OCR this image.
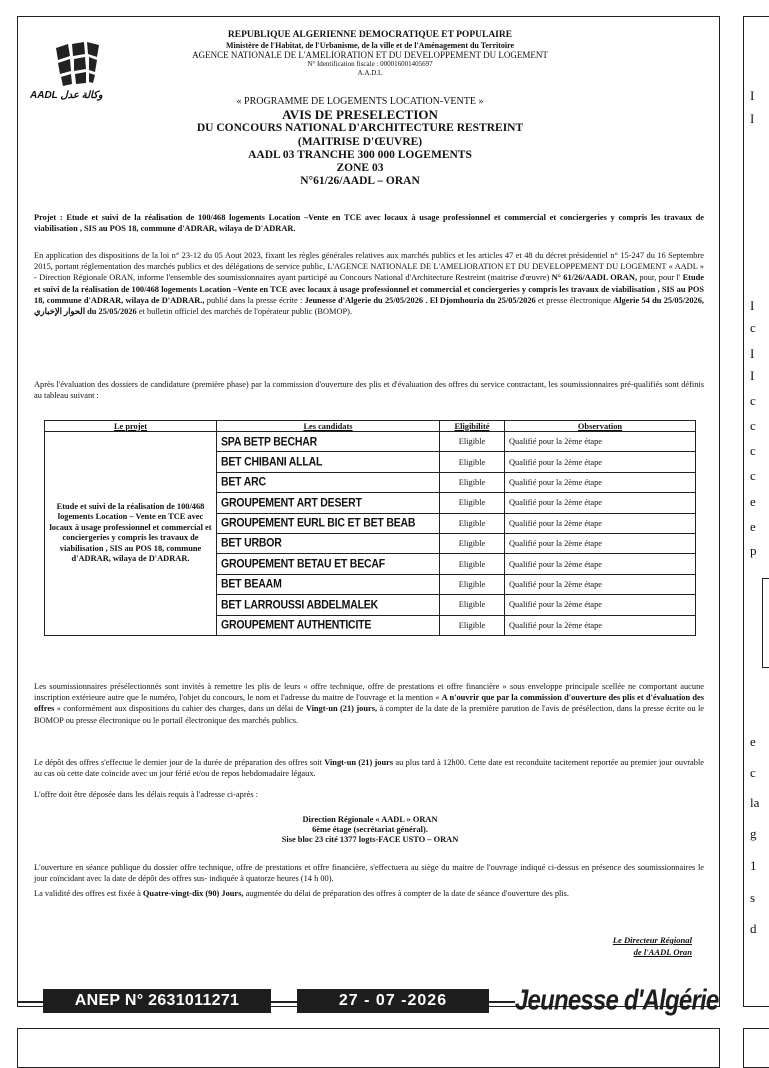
AADL وكالة عدل
REPUBLIQUE ALGERIENNE DEMOCRATIQUE ET POPULAIRE
Ministère de l'Habitat, de l'Urbanisme, de la ville et de l'Aménagement du Territoire
AGENCE NATIONALE DE L'AMELIORATION ET DU DEVELOPPEMENT DU LOGEMENT
N° Identification fiscale : 000016001405697
A.A.D.L
« PROGRAMME DE LOGEMENTS LOCATION-VENTE »
AVIS DE PRESELECTION
DU CONCOURS NATIONAL D'ARCHITECTURE RESTREINT
(MAITRISE D'ŒUVRE)
AADL 03 TRANCHE 300 000 LOGEMENTS
ZONE 03
N°61/26/AADL – ORAN
Projet : Etude et suivi de la réalisation de 100/468 logements Location –Vente en TCE avec locaux à usage professionnel et commercial et conciergeries y compris les travaux de viabilisation , SIS au POS 18, commune d'ADRAR, wilaya de D'ADRAR.
En application des dispositions de la loi n° 23-12 du 05 Aout 2023, fixant les règles générales relatives aux marchés publics et les articles 47 et 48 du décret présidentiel n° 15-247 du 16 Septembre 2015, portant réglementation des marchés publics et des délégations de service public, L'AGENCE NATIONALE DE L'AMELIORATION ET DU DEVELOPPEMENT DU LOGEMENT « AADL » - Direction Régionale ORAN, informe l'ensemble des soumissionnaires ayant participé au Concours National d'Architecture Restreint (maitrise d'œuvre) N° 61/26/AADL ORAN, pour, pour l' Etude et suivi de la réalisation de 100/468 logements Location –Vente en TCE avec locaux à usage professionnel et commercial et conciergeries y compris les travaux de viabilisation , SIS au POS 18, commune d'ADRAR, wilaya de D'ADRAR., publié dans la presse écrite : Jeunesse d'Algerie du 25/05/2026 . El Djomhouria du 25/05/2026 et presse électronique Algerie 54 du 25/05/2026, الحوار الإخباري du 25/05/2026 et bulletin officiel des marchés de l'opérateur public (BOMOP).
Après l'évaluation des dossiers de candidature (première phase) par la commission d'ouverture des plis et d'évaluation des offres du service contractant, les soumissionnaires pré-qualifiés sont définis au tableau suivant :
Le projet	Les candidats	Eligibilité	Observation
Etude et suivi de la réalisation de 100/468 logements Location – Vente en TCE avec locaux à usage professionnel et commercial et conciergeries y compris les travaux de viabilisation , SIS au POS 18, commune d'ADRAR, wilaya de D'ADRAR.	SPA BETP BECHAR	Eligible	Qualifié pour la 2ème étape
	BET CHIBANI ALLAL	Eligible	Qualifié pour la 2ème étape
	BET ARC	Eligible	Qualifié pour la 2ème étape
	GROUPEMENT ART DESERT	Eligible	Qualifié pour la 2ème étape
	GROUPEMENT EURL BIC ET BET BEAB	Eligible	Qualifié pour la 2ème étape
	BET URBOR	Eligible	Qualifié pour la 2ème étape
	GROUPEMENT BETAU ET BECAF	Eligible	Qualifié pour la 2ème étape
	BET BEAAM	Eligible	Qualifié pour la 2ème étape
	BET LARROUSSI ABDELMALEK	Eligible	Qualifié pour la 2ème étape
	GROUPEMENT AUTHENTICITE	Eligible	Qualifié pour la 2ème étape
Les soumissionnaires présélectionnés sont invités à remettre les plis de leurs « offre technique, offre de prestations et offre financière » sous enveloppe principale scellée ne comportant aucune inscription extérieure autre que le numéro, l'objet du concours, le nom et l'adresse du maitre de l'ouvrage et la mention « A n'ouvrir que par la commission d'ouverture des plis et d'évaluation des offres » conformément aux dispositions du cahier des charges, dans un délai de Vingt-un (21) jours, à compter de la date de la première parution de l'avis de présélection, dans la presse écrite ou le BOMOP ou presse électronique ou le portail électronique des marchés publics.
Le dépôt des offres s'effectue le dernier jour de la durée de préparation des offres soit Vingt-un (21) jours au plus tard à 12h00. Cette date est reconduite tacitement reportée au premier jour ouvrable au cas où cette date coïncide avec un jour férié et/ou de repos hebdomadaire légaux.
L'offre doit être déposée dans les délais requis à l'adresse ci-après :
Direction Régionale « AADL » ORAN
6ème étage (secrétariat général).
Sise bloc 23 cité 1377 logts-FACE USTO – ORAN
L'ouverture en séance publique du dossier offre technique, offre de prestations et offre financière, s'effectuera au siège du maitre de l'ouvrage indiqué ci-dessus en présence des soumissionnaires le jour coïncidant avec la date de dépôt des offres sus- indiquée à quatorze heures (14 h 00).
La validité des offres est fixée à Quatre-vingt-dix (90) Jours, augmentée du délai de préparation des offres à compter de la date de séance d'ouverture des plis.
Le Directeur Régional
de l'AADL Oran
ANEP N° 2631011271	27 - 07 -2026	Jeunesse d'Algérie
I
I
I
c
I
I
c
c
c
c
e
e
p
e
c
la
g
1
s
d
